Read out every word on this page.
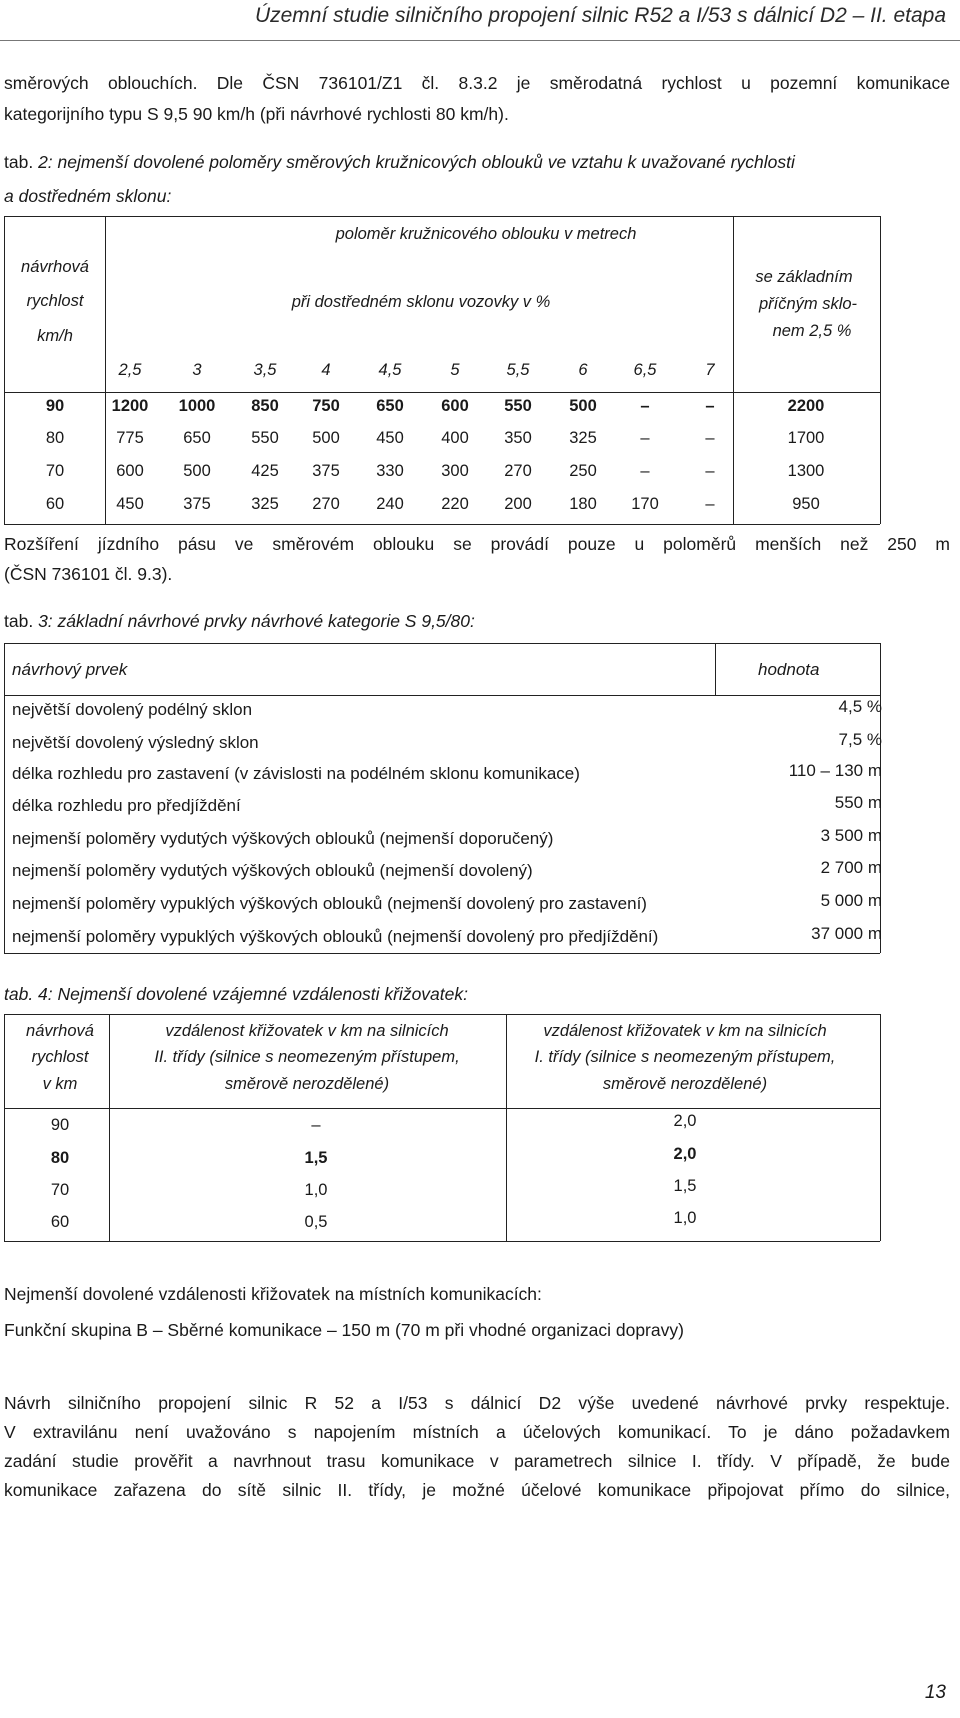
Územní studie silničního propojení silnic R52 a I/53 s dálnicí D2 – II. etapa
směrových oblouchích. Dle ČSN 736101/Z1 čl. 8.3.2 je směrodatná rychlost u pozemní komunikace
kategorijního typu S 9,5 90 km/h (při návrhové rychlosti 80 km/h).
tab. 2: nejmenší dovolené poloměry směrových kružnicových oblouků ve vztahu k uvažované rychlosti
a dostředném sklonu:
návrhová
rychlost
km/h
poloměr kružnicového oblouku v metrech
při dostředném sklonu vozovky v %
se základním
příčným sklo-
nem 2,5 %
2,5	3	3,5	4	4,5	5	5,5	6	6,5	7
90	1200 1000 850 750 650 600 550 500	–	–	2200
80	775 650 550 500 450 400 350 325	–	–	1700
70	600 500 425 375 330 300 270 250	–	–	1300
60	450 375 325 270 240 220 200 180 170	–	950
Rozšíření jízdního pásu ve směrovém oblouku se provádí pouze u poloměrů menších než 250 m
(ČSN 736101 čl. 9.3).
tab. 3: základní návrhové prvky návrhové kategorie S 9,5/80:
návrhový prvek	hodnota
největší dovolený podélný sklon	4,5 %
největší dovolený výsledný sklon	7,5 %
délka rozhledu pro zastavení (v závislosti na podélném sklonu komunikace)	110 – 130 m
délka rozhledu pro předjíždění	550 m
nejmenší poloměry vydutých výškových oblouků (nejmenší doporučený)	3 500 m
nejmenší poloměry vydutých výškových oblouků (nejmenší dovolený)	2 700 m
nejmenší poloměry vypuklých výškových oblouků (nejmenší dovolený pro zastavení)	5 000 m
nejmenší poloměry vypuklých výškových oblouků (nejmenší dovolený pro předjíždění)	37 000 m
tab. 4: Nejmenší dovolené vzájemné vzdálenosti křižovatek:
návrhová
rychlost
v km
vzdálenost křižovatek v km na silnicích
II. třídy (silnice s neomezeným přístupem,
směrově nerozdělené)
vzdálenost křižovatek v km na silnicích
I. třídy (silnice s neomezeným přístupem,
směrově nerozdělené)
90	–	2,0
80	1,5	2,0
70	1,0	1,5
60	0,5	1,0
Nejmenší dovolené vzdálenosti křižovatek na místních komunikacích:
Funkční skupina B – Sběrné komunikace – 150 m (70 m při vhodné organizaci dopravy)
Návrh silničního propojení silnic R 52 a I/53 s dálnicí D2 výše uvedené návrhové prvky respektuje.
V extravilánu není uvažováno s napojením místních a účelových komunikací. To je dáno požadavkem
zadání studie prověřit a navrhnout trasu komunikace v parametrech silnice I. třídy. V případě, že bude
komunikace zařazena do sítě silnic II. třídy, je možné účelové komunikace připojovat přímo do silnice,
13
